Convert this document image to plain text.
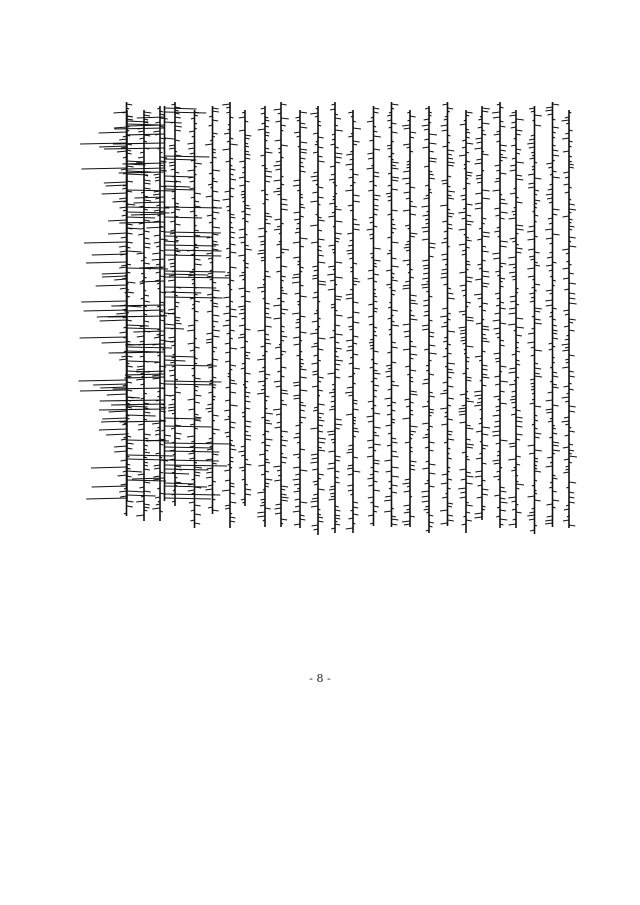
- 8 -
